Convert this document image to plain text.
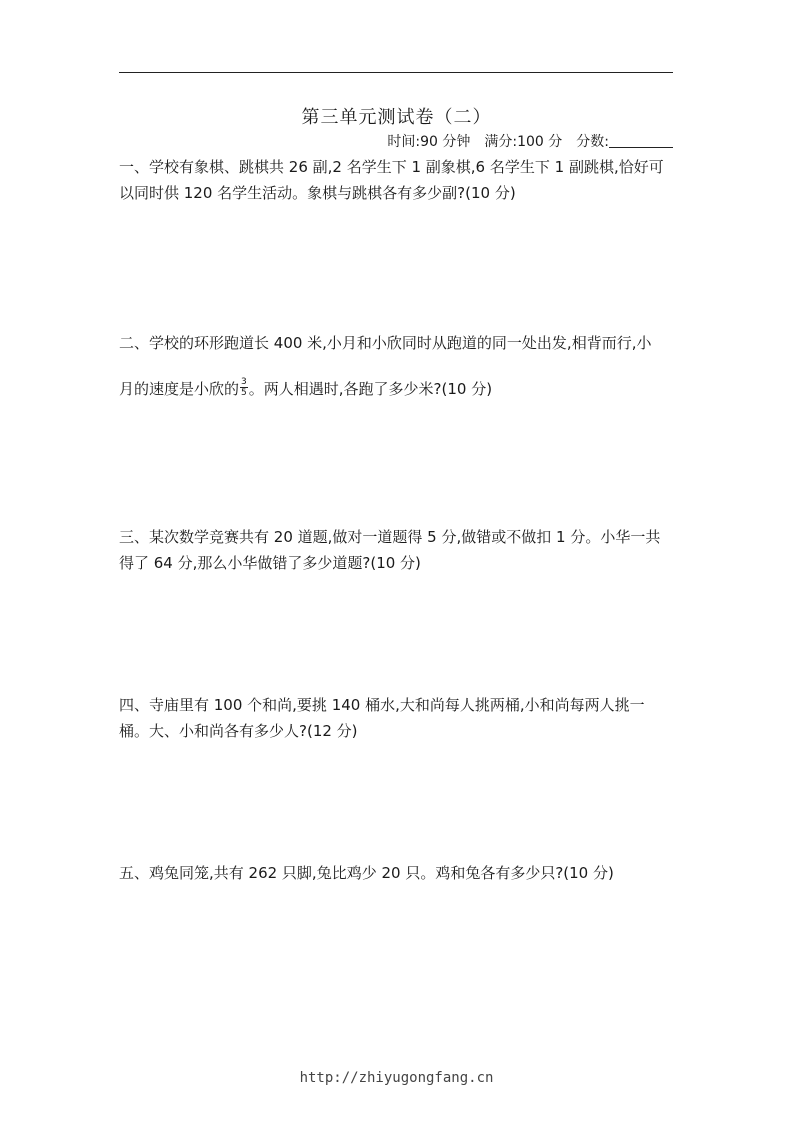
第三单元测试卷（二）
时间:90 分钟 满分:100 分 分数:
一、学校有象棋、跳棋共 26 副,2 名学生下 1 副象棋,6 名学生下 1 副跳棋,恰好可以同时供 120 名学生活动。象棋与跳棋各有多少副?(10 分)
二、学校的环形跑道长 400 米,小月和小欣同时从跑道的同一处出发,相背而行,小
月的速度是小欣的 $\frac{3}{5}$ 。两人相遇时,各跑了多少米?(10 分)
三、某次数学竞赛共有 20 道题,做对一道题得 5 分,做错或不做扣 1 分。小华一共得了 64 分,那么小华做错了多少道题?(10 分)
四、寺庙里有 100 个和尚,要挑 140 桶水,大和尚每人挑两桶,小和尚每两人挑一桶。大、小和尚各有多少人?(12 分)
五、鸡兔同笼,共有 262 只脚,兔比鸡少 20 只。鸡和兔各有多少只?(10 分)
http://zhiyugongfang.cn
